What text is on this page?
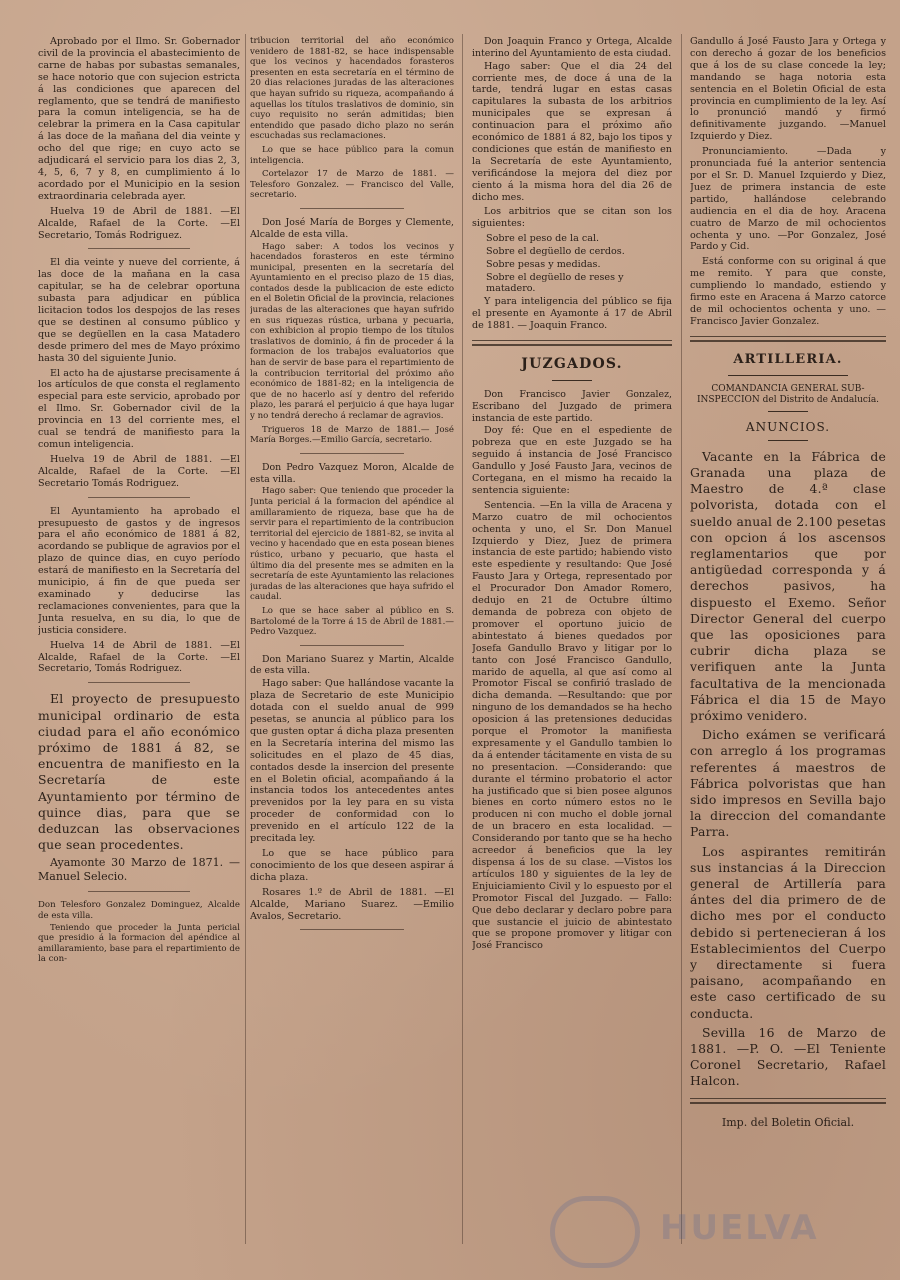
Aprobado por el Ilmo. Sr. Gobernador civil de la provincia el abastecimiento de carne de habas por subastas semanales, se hace notorio que con sujecion estricta á las condiciones que aparecen del reglamento, que se tendrá de manifiesto para la comun inteligencia, se ha de celebrar la primera en la Casa capitular á las doce de la mañana del dia veinte y ocho del que rige; en cuyo acto se adjudicará el servicio para los dias 2, 3, 4, 5, 6, 7 y 8, en cumplimiento á lo acordado por el Municipio en la sesion extraordinaria celebrada ayer.

Huelva 19 de Abril de 1881. —El Alcalde, Rafael de la Corte. —El Secretario, Tomás Rodriguez.

El dia veinte y nueve del corriente, á las doce de la mañana en la casa capitular, se ha de celebrar oportuna subasta para adjudicar en pública licitacion todos los despojos de las reses que se destinen al consumo público y que se degüellen en la casa Matadero desde primero del mes de Mayo próximo hasta 30 del siguiente Junio.

El acto ha de ajustarse precisamente á los artículos de que consta el reglamento especial para este servicio, aprobado por el Ilmo. Sr. Gobernador civil de la provincia en 13 del corriente mes, el cual se tendrá de manifiesto para la comun inteligencia.

Huelva 19 de Abril de 1881. —El Alcalde, Rafael de la Corte. —El Secretario Tomás Rodriguez.

El Ayuntamiento ha aprobado el presupuesto de gastos y de ingresos para el año económico de 1881 á 82, acordando se publique de agravios por el plazo de quince dias, en cuyo período estará de manifiesto en la Secretaría del municipio, á fin de que pueda ser examinado y deducirse las reclamaciones convenientes, para que la Junta resuelva, en su dia, lo que de justicia considere.

Huelva 14 de Abril de 1881. —El Alcalde, Rafael de la Corte. —El Secretario, Tomás Rodriguez.

El proyecto de presupuesto municipal ordinario de esta ciudad para el año económico próximo de 1881 á 82, se encuentra de manifiesto en la Secretaría de este Ayuntamiento por término de quince dias, para que se deduzcan las observaciones que sean procedentes.

Ayamonte 30 Marzo de 1871. —Manuel Selecio.

Don Telesforo Gonzalez Dominguez, Alcalde de esta villa.

Teniendo que proceder la Junta pericial que presidio á la formacion del apéndice al amillaramiento, base para el repartimiento de la con-

tribucion territorial del año económico venidero de 1881-82, se hace indispensable que los vecinos y hacendados forasteros presenten en esta secretaría en el término de 20 dias relaciones juradas de las alteraciones que hayan sufrido su riqueza, acompañando á aquellas los títulos traslativos de dominio, sin cuyo requisito no serán admitidas; bien entendido que pasado dicho plazo no serán escuchadas sus reclamaciones.

Lo que se hace público para la comun inteligencia.

Cortelazor 17 de Marzo de 1881. —Telesforo Gonzalez. — Francisco del Valle, secretario.

Don José María de Borges y Clemente, Alcalde de esta villa.

Hago saber: A todos los vecinos y hacendados forasteros en este término municipal, presenten en la secretaría del Ayuntamiento en el preciso plazo de 15 dias, contados desde la publicacion de este edicto en el Boletin Oficial de la provincia, relaciones juradas de las alteraciones que hayan sufrido en sus riquezas rústica, urbana y pecuaria, con exhibicion al propio tiempo de los títulos traslativos de dominio, á fin de proceder á la formacion de los trabajos evaluatorios que han de servir de base para el repartimiento de la contribucion territorial del próximo año económico de 1881-82; en la inteligencia de que de no hacerlo así y dentro del referido plazo, les parará el perjuicio á que haya lugar y no tendrá derecho á reclamar de agravios.

Trigueros 18 de Marzo de 1881.— José María Borges.—Emilio García, secretario.

Don Pedro Vazquez Moron, Alcalde de esta villa.

Hago saber: Que teniendo que proceder la Junta pericial á la formacion del apéndice al amillaramiento de riqueza, base que ha de servir para el repartimiento de la contribucion territorial del ejercicio de 1881-82, se invita al vecino y hacendado que en esta posean bienes rústico, urbano y pecuario, que hasta el último dia del presente mes se admiten en la secretaría de este Ayuntamiento las relaciones juradas de las alteraciones que haya sufrido el caudal.

Lo que se hace saber al público en S. Bartolomé de la Torre á 15 de Abril de 1881.—Pedro Vazquez.

Don Mariano Suarez y Martin, Alcalde de esta villa.

Hago saber: Que hallándose vacante la plaza de Secretario de este Municipio dotada con el sueldo anual de 999 pesetas, se anuncia al público para los que gusten optar á dicha plaza presenten en la Secretaría interina del mismo las solicitudes en el plazo de 45 dias, contados desde la insercion del presente en el Boletin oficial, acompañando á la instancia todos los antecedentes antes prevenidos por la ley para en su vista proceder de conformidad con lo prevenido en el artículo 122 de la precitada ley.

Lo que se hace público para conocimiento de los que deseen aspirar á dicha plaza.

Rosares 1.º de Abril de 1881. —El Alcalde, Mariano Suarez. —Emilio Avalos, Secretario.

Don Joaquin Franco y Ortega, Alcalde interino del Ayuntamiento de esta ciudad.

Hago saber: Que el dia 24 del corriente mes, de doce á una de la tarde, tendrá lugar en estas casas capitulares la subasta de los arbitrios municipales que se expresan á continuacion para el próximo año económico de 1881 á 82, bajo los tipos y condiciones que están de manifiesto en la Secretaría de este Ayuntamiento, verificándose la mejora del diez por ciento á la misma hora del dia 26 de dicho mes.

Los arbitrios que se citan son los siguientes:

Sobre el peso de la cal.
Sobre el degüello de cerdos.
Sobre pesas y medidas.
Sobre el degüello de reses y matadero.

Y para inteligencia del público se fija el presente en Ayamonte á 17 de Abril de 1881. — Joaquin Franco.

JUZGADOS.

Don Francisco Javier Gonzalez, Escribano del Juzgado de primera instancia de este partido.

Doy fé: Que en el espediente de pobreza que en este Juzgado se ha seguido á instancia de José Francisco Gandullo y José Fausto Jara, vecinos de Cortegana, en el mismo ha recaido la sentencia siguiente:

Sentencia. —En la villa de Aracena y Marzo cuatro de mil ochocientos ochenta y uno, el Sr. Don Manuel Izquierdo y Diez, Juez de primera instancia de este partido; habiendo visto este espediente y resultando: Que José Fausto Jara y Ortega, representado por el Procurador Don Amador Romero, dedujo en 21 de Octubre último demanda de pobreza con objeto de promover el oportuno juicio de abintestato á bienes quedados por Josefa Gandullo Bravo y litigar por lo tanto con José Francisco Gandullo, marido de aquella, al que así como al Promotor Fiscal se confirió traslado de dicha demanda. —Resultando: que por ninguno de los demandados se ha hecho oposicion á las pretensiones deducidas porque el Promotor la manifiesta expresamente y el Gandullo tambien lo da á entender tácitamente en vista de su no presentacion. —Considerando: que durante el término probatorio el actor ha justificado que si bien posee algunos bienes en corto número estos no le producen ni con mucho el doble jornal de un bracero en esta localidad. —Considerando por tanto que se ha hecho acreedor á beneficios que la ley dispensa á los de su clase. —Vistos los artículos 180 y siguientes de la ley de Enjuiciamiento Civil y lo espuesto por el Promotor Fiscal del Juzgado. — Fallo: Que debo declarar y declaro pobre para que sustancie el juicio de abintestato que se propone promover y litigar con José Francisco

Gandullo á José Fausto Jara y Ortega y con derecho á gozar de los beneficios que á los de su clase concede la ley; mandando se haga notoria esta sentencia en el Boletin Oficial de esta provincia en cumplimiento de la ley. Así lo pronunció mandó y firmó definitivamente juzgando. —Manuel Izquierdo y Diez.

Pronunciamiento. —Dada y pronunciada fué la anterior sentencia por el Sr. D. Manuel Izquierdo y Diez, Juez de primera instancia de este partido, hallándose celebrando audiencia en el dia de hoy. Aracena cuatro de Marzo de mil ochocientos ochenta y uno. —Por Gonzalez, José Pardo y Cid.

Está conforme con su original á que me remito. Y para que conste, cumpliendo lo mandado, estiendo y firmo este en Aracena á Marzo catorce de mil ochocientos ochenta y uno. —Francisco Javier Gonzalez.

ARTILLERIA.
COMANDANCIA GENERAL SUB-INSPECCION del Distrito de Andalucía.
ANUNCIOS.

Vacante en la Fábrica de Granada una plaza de Maestro de 4.ª clase polvorista, dotada con el sueldo anual de 2.100 pesetas con opcion á los ascensos reglamentarios que por antigüedad corresponda y á derechos pasivos, ha dispuesto el Exemo. Señor Director General del cuerpo que las oposiciones para cubrir dicha plaza se verifiquen ante la Junta facultativa de la mencionada Fábrica el dia 15 de Mayo próximo venidero.

Dicho exámen se verificará con arreglo á los programas referentes á maestros de Fábrica polvoristas que han sido impresos en Sevilla bajo la direccion del comandante Parra.

Los aspirantes remitirán sus instancias á la Direccion general de Artillería para ántes del dia primero de de dicho mes por el conducto debido si pertenecieran á los Establecimientos del Cuerpo y directamente si fuera paisano, acompañando en este caso certificado de su conducta.

Sevilla 16 de Marzo de 1881. —P. O. —El Teniente Coronel Secretario, Rafael Halcon.

Imp. del Boletin Oficial.
HUELVA
